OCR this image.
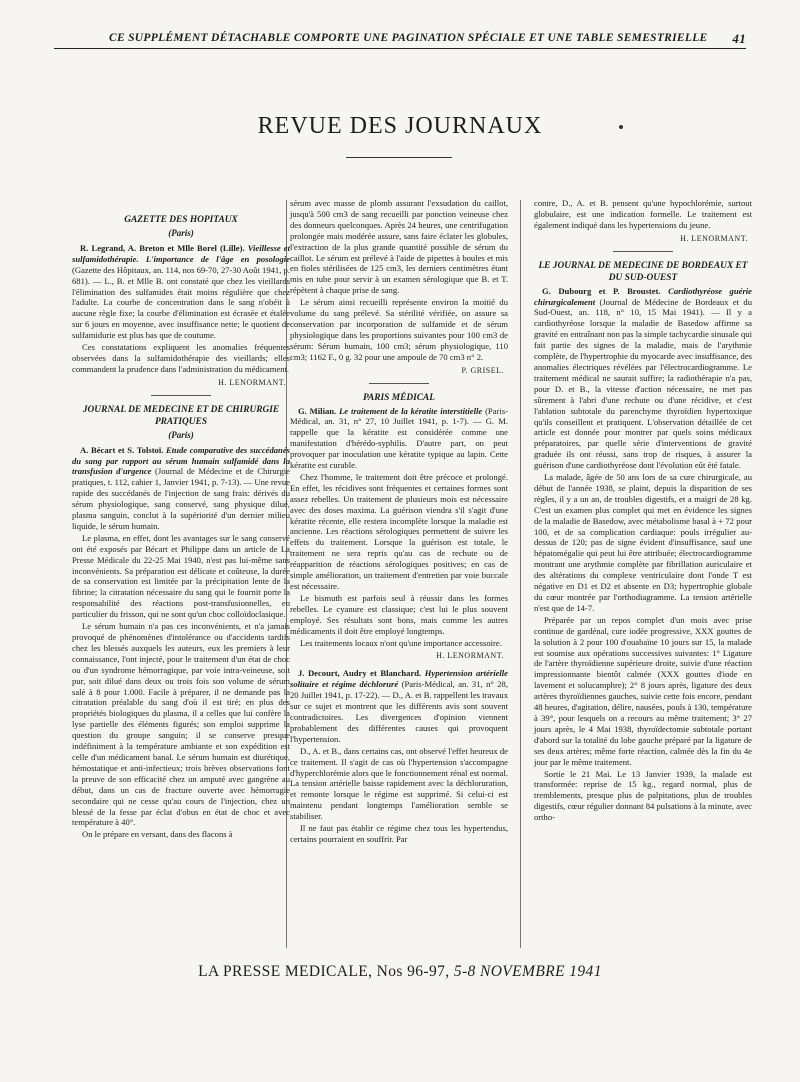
CE SUPPLÉMENT DÉTACHABLE COMPORTE UNE PAGINATION SPÉCIALE ET UNE TABLE SEMESTRIELLE 41
REVUE DES JOURNAUX
GAZETTE DES HOPITAUX
(Paris)

R. Legrand, A. Breton et Mlle Borel (Lille). Vieillesse et sulfamidothérapie. L'importance de l'âge en posologie (Gazette des Hôpitaux, an. 114, nos 69-70, 27-30 Août 1941, p. 681). — L., B. et Mlle B. ont constaté que chez les vieillards l'élimination des sulfamides était moins régulière que chez l'adulte. La courbe de concentration dans le sang n'obéit à aucune règle fixe; la courbe d'élimination est écrasée et étalée sur 6 jours en moyenne, avec insuffisance nette; le quotient de sulfamidurie est plus bas que de coutume.

Ces constatations expliquent les anomalies fréquentes observées dans la sulfamidothérapie des vieillards; elles commandent la prudence dans l'administration du médicament.

H. LENORMANT.
JOURNAL DE MEDECINE ET DE CHIRURGIE PRATIQUES
(Paris)

A. Bécart et S. Tolstoï. Etude comparative des succédanés du sang par rapport au sérum humain sulfamidé dans la transfusion d'urgence (Journal de Médecine et de Chirurgie pratiques, t. 112, cahier 1, Janvier 1941, p. 7-13). — Une revue rapide des succédanés de l'injection de sang frais: dérivés du sérum physiologique, sang conservé, sang physique dilué, plasma sanguin, conclut à la supériorité d'un dernier milieu liquide, le sérum humain.

Le plasma, en effet, dont les avantages sur le sang conservé ont été exposés par Bécart et Philippe dans un article de La Presse Médicale du 22-25 Mai 1940, n'est pas lui-même sans inconvénients. Sa préparation est délicate et coûteuse, la durée de sa conservation est limitée par la précipitation lente de la fibrine; la citratation nécessaire du sang qui le fournit porte la responsabilité des réactions post-transfusionnelles, en particulier du frisson, qui ne sont qu'un choc colloïdoclasique.

Le sérum humain n'a pas ces inconvénients, et n'a jamais provoqué de phénomènes d'intolérance ou d'accidents tardifs chez les blessés auxquels les auteurs, eux les premiers à leur connaissance, l'ont injecté, pour le traitement d'un état de choc ou d'un syndrome hémorragique, par voie intra-veineuse, soit pur, soit dilué dans deux ou trois fois son volume de sérum salé à 8 pour 1.000. Facile à préparer, il ne demande pas la citratation préalable du sang d'où il est tiré; en plus des propriétés biologiques du plasma, il a celles que lui confère la lyse partielle des éléments figurés; son emploi supprime la question du groupe sanguin; il se conserve presque indéfiniment à la température ambiante et son expédition est celle d'un médicament banal. Le sérum humain est diurétique, hémostatique et anti-infectieux; trois brèves observations font la preuve de son efficacité chez un amputé avec gangrène au début, dans un cas de fracture ouverte avec hémorragie secondaire qui ne cesse qu'au cours de l'injection, chez un blessé de la fesse par éclat d'obus en état de choc et avec température à 40°.

On le prépare en versant, dans des flacons à

sérum avec masse de plomb assurant l'exsudation du caillot, jusqu'à 500 cm3 de sang recueilli par ponction veineuse chez des donneurs quelconques. Après 24 heures, une centrifugation prolongée mais modérée assure, sans faire éclater les globules, l'extraction de la plus grande quantité possible de sérum du caillot. Le sérum est prélevé à l'aide de pipettes à boules et mis en fioles stérilisées de 125 cm3, les derniers centimètres étant mis en tube pour servir à un examen sérologique que B. et T. répètent à chaque prise de sang.

Le sérum ainsi recueilli représente environ la moitié du volume du sang prélevé. Sa stérilité vérifiée, on assure sa conservation par incorporation de sulfamide et de sérum physiologique dans les proportions suivantes pour 100 cm3 de sérum: Sérum humain, 100 cm3; sérum physiologique, 110 cm3; 1162 F., 0 g. 32 pour une ampoule de 70 cm3 n° 2.

P. GRISEL.
PARIS MÉDICAL

G. Milian. Le traitement de la kératite interstitielle (Paris-Médical, an. 31, n° 27, 10 Juillet 1941, p. 1-7). — G. M. rappelle que la kératite est considérée comme une manifestation d'hérédo-syphilis. D'autre part, on peut provoquer par inoculation une kératite typique au lapin. Cette kératite est curable.

Chez l'homme, le traitement doit être précoce et prolongé. En effet, les récidives sont fréquentes et certaines formes sont assez rebelles. Un traitement de plusieurs mois est nécessaire avec des doses maxima. La guérison viendra s'il s'agit d'une kératite récente, elle restera incomplète lorsque la maladie est ancienne. Les réactions sérologiques permettent de suivre les effets du traitement. Lorsque la guérison est totale, le traitement ne sera repris qu'au cas de rechute ou de réapparition de réactions sérologiques positives; en cas de simple amélioration, un traitement d'entretien par voie buccale est nécessaire.

Le bismuth est parfois seul à réussir dans les formes rebelles. Le cyanure est classique; c'est lui le plus souvent employé. Ses résultats sont bons, mais comme les autres médicaments il doit être employé longtemps.

Les traitements locaux n'ont qu'une importance accessoire.

H. LENORMANT.

J. Decourt, Audry et Blanchard. Hypertension artérielle solitaire et régime déchloruré (Paris-Médical, an. 31, n° 28, 20 Juillet 1941, p. 17-22). — D., A. et B. rappellent les travaux sur ce sujet et montrent que les différents avis sont souvent contradictoires. Les divergences d'opinion viennent probablement des différentes causes qui provoquent l'hypertension.

D., A. et B., dans certains cas, ont observé l'effet heureux de ce traitement. Il s'agit de cas où l'hypertension s'accompagne d'hyperchlorémie alors que le fonctionnement rénal est normal. La tension artérielle baisse rapidement avec la déchloruration, et remonte lorsque le régime est supprimé. Si celui-ci est maintenu pendant longtemps l'amélioration semble se stabiliser.

Il ne faut pas établir ce régime chez tous les hypertendus, certains pourraient en souffrir. Par

contre, D., A. et B. pensent qu'une hypochlorémie, surtout globulaire, est une indication formelle. Le traitement est également indiqué dans les hypertensions du jeune.

H. LENORMANT.
LE JOURNAL DE MEDECINE DE BORDEAUX ET DU SUD-OUEST

G. Dubourg et P. Broustet. Cardiothyréose guérie chirurgicalement (Journal de Médecine de Bordeaux et du Sud-Ouest, an. 118, n° 10, 15 Mai 1941). — Il y a cardiothyréose lorsque la maladie de Basedow affirme sa gravité en entraînant non pas la simple tachycardie sinusale qui fait partie des signes de la maladie, mais de l'arythmie complète, de l'hypertrophie du myocarde avec insuffisance, des anomalies électriques révélées par l'électrocardiogramme. Le traitement médical ne saurait suffire; la radiothérapie n'a pas, pour D. et B., la vitesse d'action nécessaire, ne met pas sûrement à l'abri d'une rechute ou d'une récidive, et c'est l'ablation subtotale du parenchyme thyroïdien hypertoxique qu'ils conseillent et pratiquent. L'observation détaillée de cet article est donnée pour montrer par quels soins médicaux préparatoires, par quelle série d'interventions de gravité graduée ils ont réussi, sans trop de risques, à assurer la guérison d'une cardiothyréose dont l'évolution eût été fatale.

La malade, âgée de 50 ans lors de sa cure chirurgicale, au début de l'année 1938, se plaint, depuis la disparition de ses règles, il y a un an, de troubles digestifs, et a maigri de 28 kg. C'est un examen plus complet qui met en évidence les signes de la maladie de Basedow, avec métabolisme basal à + 72 pour 100, et de sa complication cardiaque: pouls irrégulier au-dessus de 120; pas de signe évident d'insuffisance, sauf une hépatomégalie qui peut lui être attribuée; électrocardiogramme montrant une arythmie complète par fibrillation auriculaire et des altérations du complexe ventriculaire dont l'onde T est négative en D1 et D2 et absente en D3; hypertrophie globale du cœur montrée par l'orthodiagramme. La tension artérielle n'est que de 14-7.

Préparée par un repos complet d'un mois avec prise continue de gardénal, cure iodée progressive, XXX gouttes de la solution à 2 pour 100 d'ouabaïne 10 jours sur 15, la malade est soumise aux opérations successives suivantes: 1° Ligature de l'artère thyroïdienne supérieure droite, suivie d'une réaction impressionnante bientôt calmée (XXX gouttes d'iode en lavement et solucamphre); 2° 8 jours après, ligature des deux artères thyroïdiennes gauches, suivie cette fois encore, pendant 48 heures, d'agitation, délire, nausées, pouls à 130, température à 39°, pour lesquels on a recours au même traitement; 3° 27 jours après, le 4 Mai 1938, thyroïdectomie subtotale portant d'abord sur la totalité du lobe gauche préparé par la ligature de ses deux artères; même forte réaction, calmée dès la fin du 4e jour par le même traitement.

Sortie le 21 Mai. Le 13 Janvier 1939, la malade est transformée: reprise de 15 kg., regard normal, plus de tremblements, presque plus de palpitations, plus de troubles digestifs, cœur régulier donnant 84 pulsations à la minute, avec ortho-

LA PRESSE MEDICALE, Nos 96-97, 5-8 NOVEMBRE 1941
